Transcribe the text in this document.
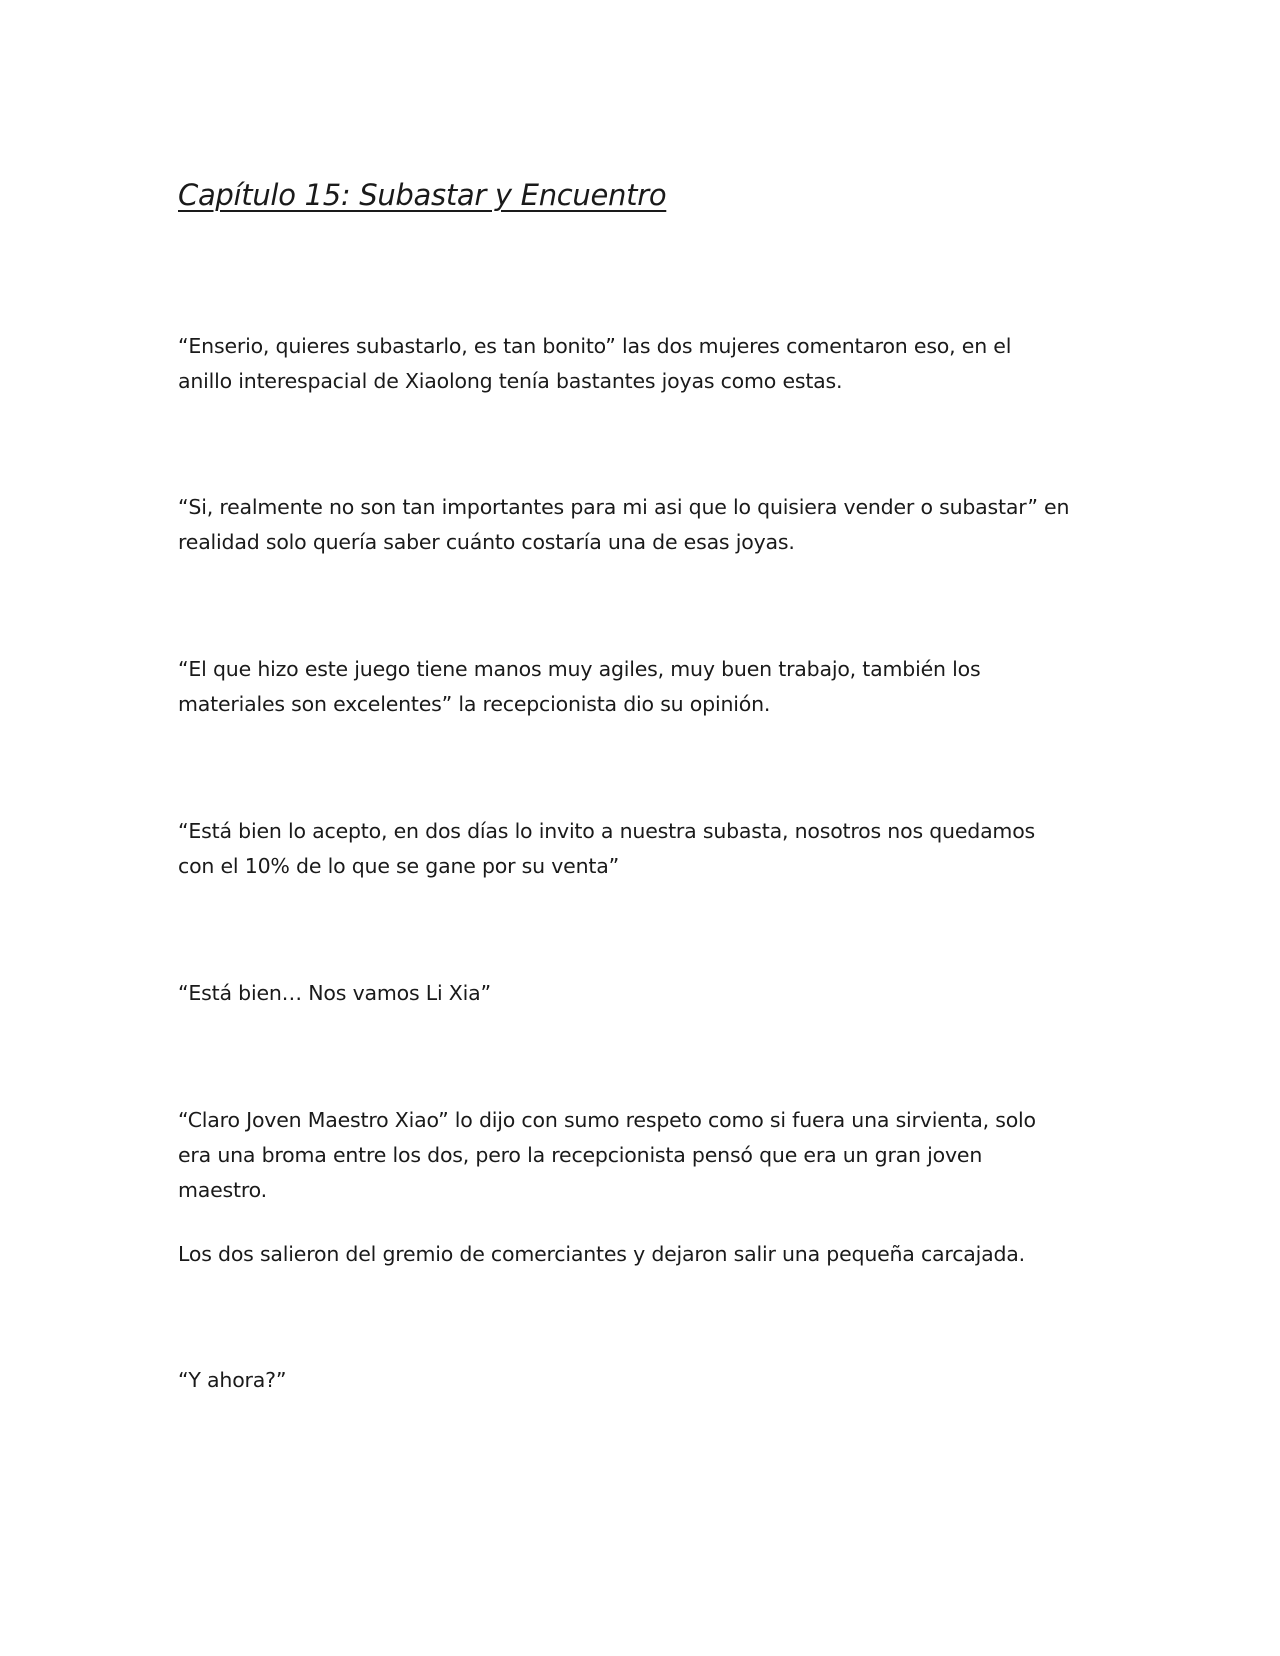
Capítulo 15: Subastar y Encuentro

“Enserio, quieres subastarlo, es tan bonito” las dos mujeres comentaron eso, en el
anillo interespacial de Xiaolong tenía bastantes joyas como estas.

“Si, realmente no son tan importantes para mi asi que lo quisiera vender o subastar” en
realidad solo quería saber cuánto costaría una de esas joyas.

“El que hizo este juego tiene manos muy agiles, muy buen trabajo, también los
materiales son excelentes” la recepcionista dio su opinión.

“Está bien lo acepto, en dos días lo invito a nuestra subasta, nosotros nos quedamos
con el 10% de lo que se gane por su venta”

“Está bien… Nos vamos Li Xia”

“Claro Joven Maestro Xiao” lo dijo con sumo respeto como si fuera una sirvienta, solo
era una broma entre los dos, pero la recepcionista pensó que era un gran joven
maestro.

Los dos salieron del gremio de comerciantes y dejaron salir una pequeña carcajada.

“Y ahora?”
